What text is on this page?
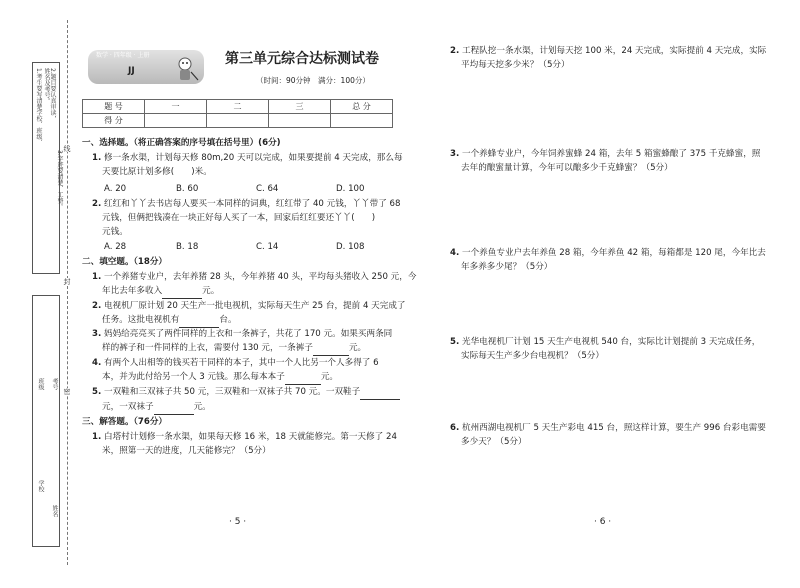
1.考生要写清楚学校、班级、 姓名及考号。 2.题目要认真审读，
3.字迹要清楚、工整。
班级 考号
学校
姓名
线
封
密
数学 · 四年级 · 上册
JJ
第三单元综合达标测试卷
（时间：90分钟　满分：100分）
题 号	一	二	三	总 分
得 分				
一、选择题。（将正确答案的序号填在括号里）(6分)
1. 修一条水渠，计划每天修 80m,20 天可以完成，如果要提前 4 天完成，那么每
天要比原计划多修(　　)米。
A. 20	B. 60	C. 64	D. 100
2. 红红和丫丫去书店每人要买一本同样的词典，红红带了 40 元钱，丫丫带了 68
元钱，但俩把钱凑在一块正好每人买了一本，回家后红红要还丫丫(　　)
元钱。
A. 28	B. 18	C. 14	D. 108
二、填空题。（18分）
1. 一个养猪专业户，去年养猪 28 头，今年养猪 40 头，平均每头猪收入 250 元，今
年比去年多收入	元。
2. 电视机厂原计划 20 天生产一批电视机，实际每天生产 25 台，提前 4 天完成了
任务。这批电视机有	台。
3. 妈妈给亮亮买了两件同样的上衣和一条裤子，共花了 170 元。如果买两条同
样的裤子和一件同样的上衣，需要付 130 元，一条裤子	元。
4. 有两个人出相等的钱买若干同样的本子，其中一个人比另一个人多得了 6
本，并为此付给另一个人 3 元钱。那么每本本子	元。
5. 一双鞋和三双袜子共 50 元，三双鞋和一双袜子共 70 元。一双鞋子
元，一双袜子	元。
三、解答题。（76分）
1. 白塔村计划修一条水渠，如果每天修 16 米，18 天就能修完。第一天修了 24
米，照第一天的进度，几天能修完？（5分）
· 5 ·
2. 工程队挖一条水渠，计划每天挖 100 米，24 天完成，实际提前 4 天完成，实际
平均每天挖多少米？（5分）
3. 一个养蜂专业户，今年饲养蜜蜂 24 箱，去年 5 箱蜜蜂酿了 375 千克蜂蜜，照
去年的酿蜜量计算，今年可以酿多少千克蜂蜜？（5分）
4. 一个养鱼专业户去年养鱼 28 箱，今年养鱼 42 箱，每箱都是 120 尾，今年比去
年多养多少尾？（5分）
5. 光华电视机厂计划 15 天生产电视机 540 台，实际比计划提前 3 天完成任务，
实际每天生产多少台电视机？（5分）
6. 杭州西湖电视机厂 5 天生产彩电 415 台，照这样计算，要生产 996 台彩电需要
多少天？（5分）
· 6 ·
